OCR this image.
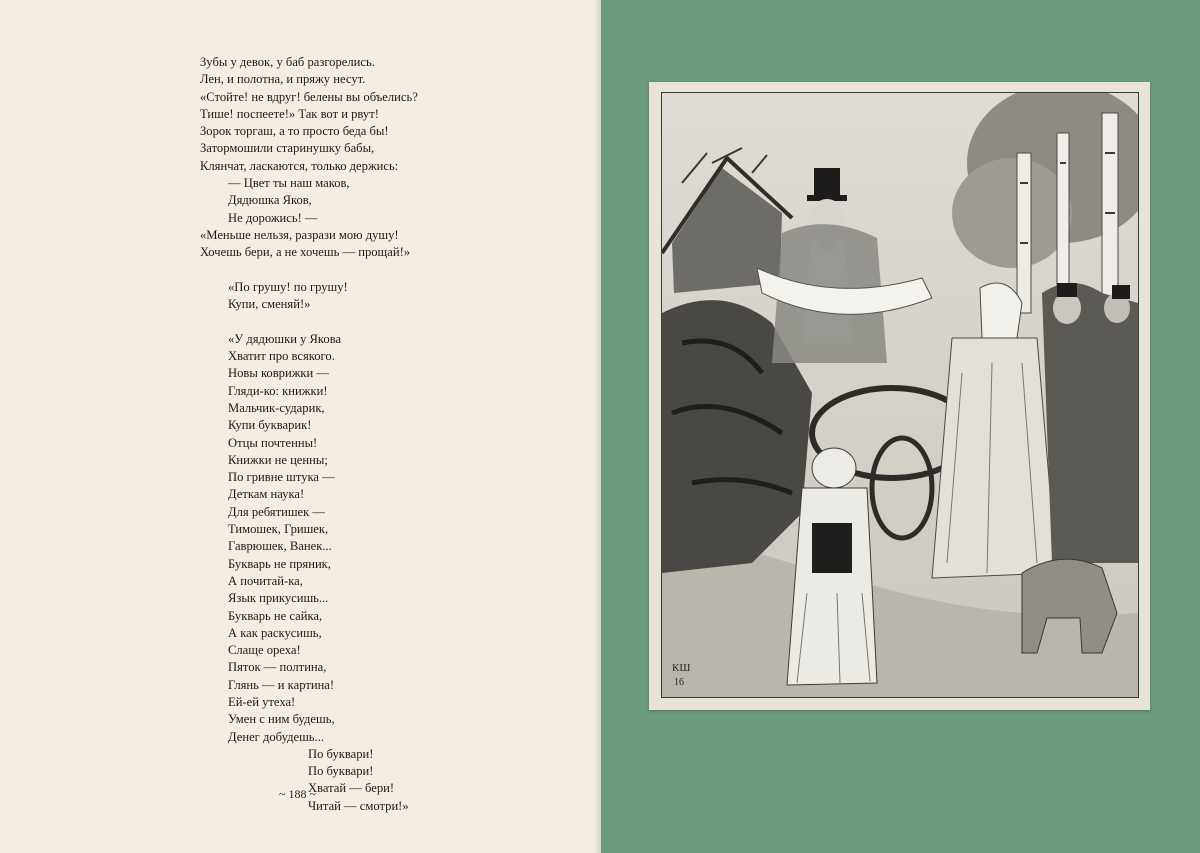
Зубы у девок, у баб разгорелись.
Лен, и полотна, и пряжу несут.
«Стойте! не вдруг! белены вы объелись?
Тише! поспеете!» Так вот и рвут!
Зорок торгаш, а то просто беда бы!
Затормошили старинушку бабы,
Клянчат, ласкаются, только держись:
— Цвет ты наш маков,
Дядюшка Яков,
Не дорожись! —
«Меньше нельзя, разрази мою душу!
Хочешь бери, а не хочешь — прощай!»
«По грушу! по грушу!
Купи, сменяй!»
«У дядюшки у Якова
Хватит про всякого.
Новы коврижки —
Гляди-ко: книжки!
Мальчик-сударик,
Купи букварик!
Отцы почтенны!
Книжки не ценны;
По гривне штука —
Деткам наука!
Для ребятишек —
Тимошек, Гришек,
Гаврюшек, Ванек...
Букварь не пряник,
А почитай-ка,
Язык прикусишь...
Букварь не сайка,
А как раскусишь,
Слаще ореха!
Пяток — полтина,
Глянь — и картина!
Ей-ей утеха!
Умен с ним будешь,
Денег добудешь...
По буквари!
По буквари!
Хватай — бери!
Читай — смотри!»
~ 188 ~
КШ
16
